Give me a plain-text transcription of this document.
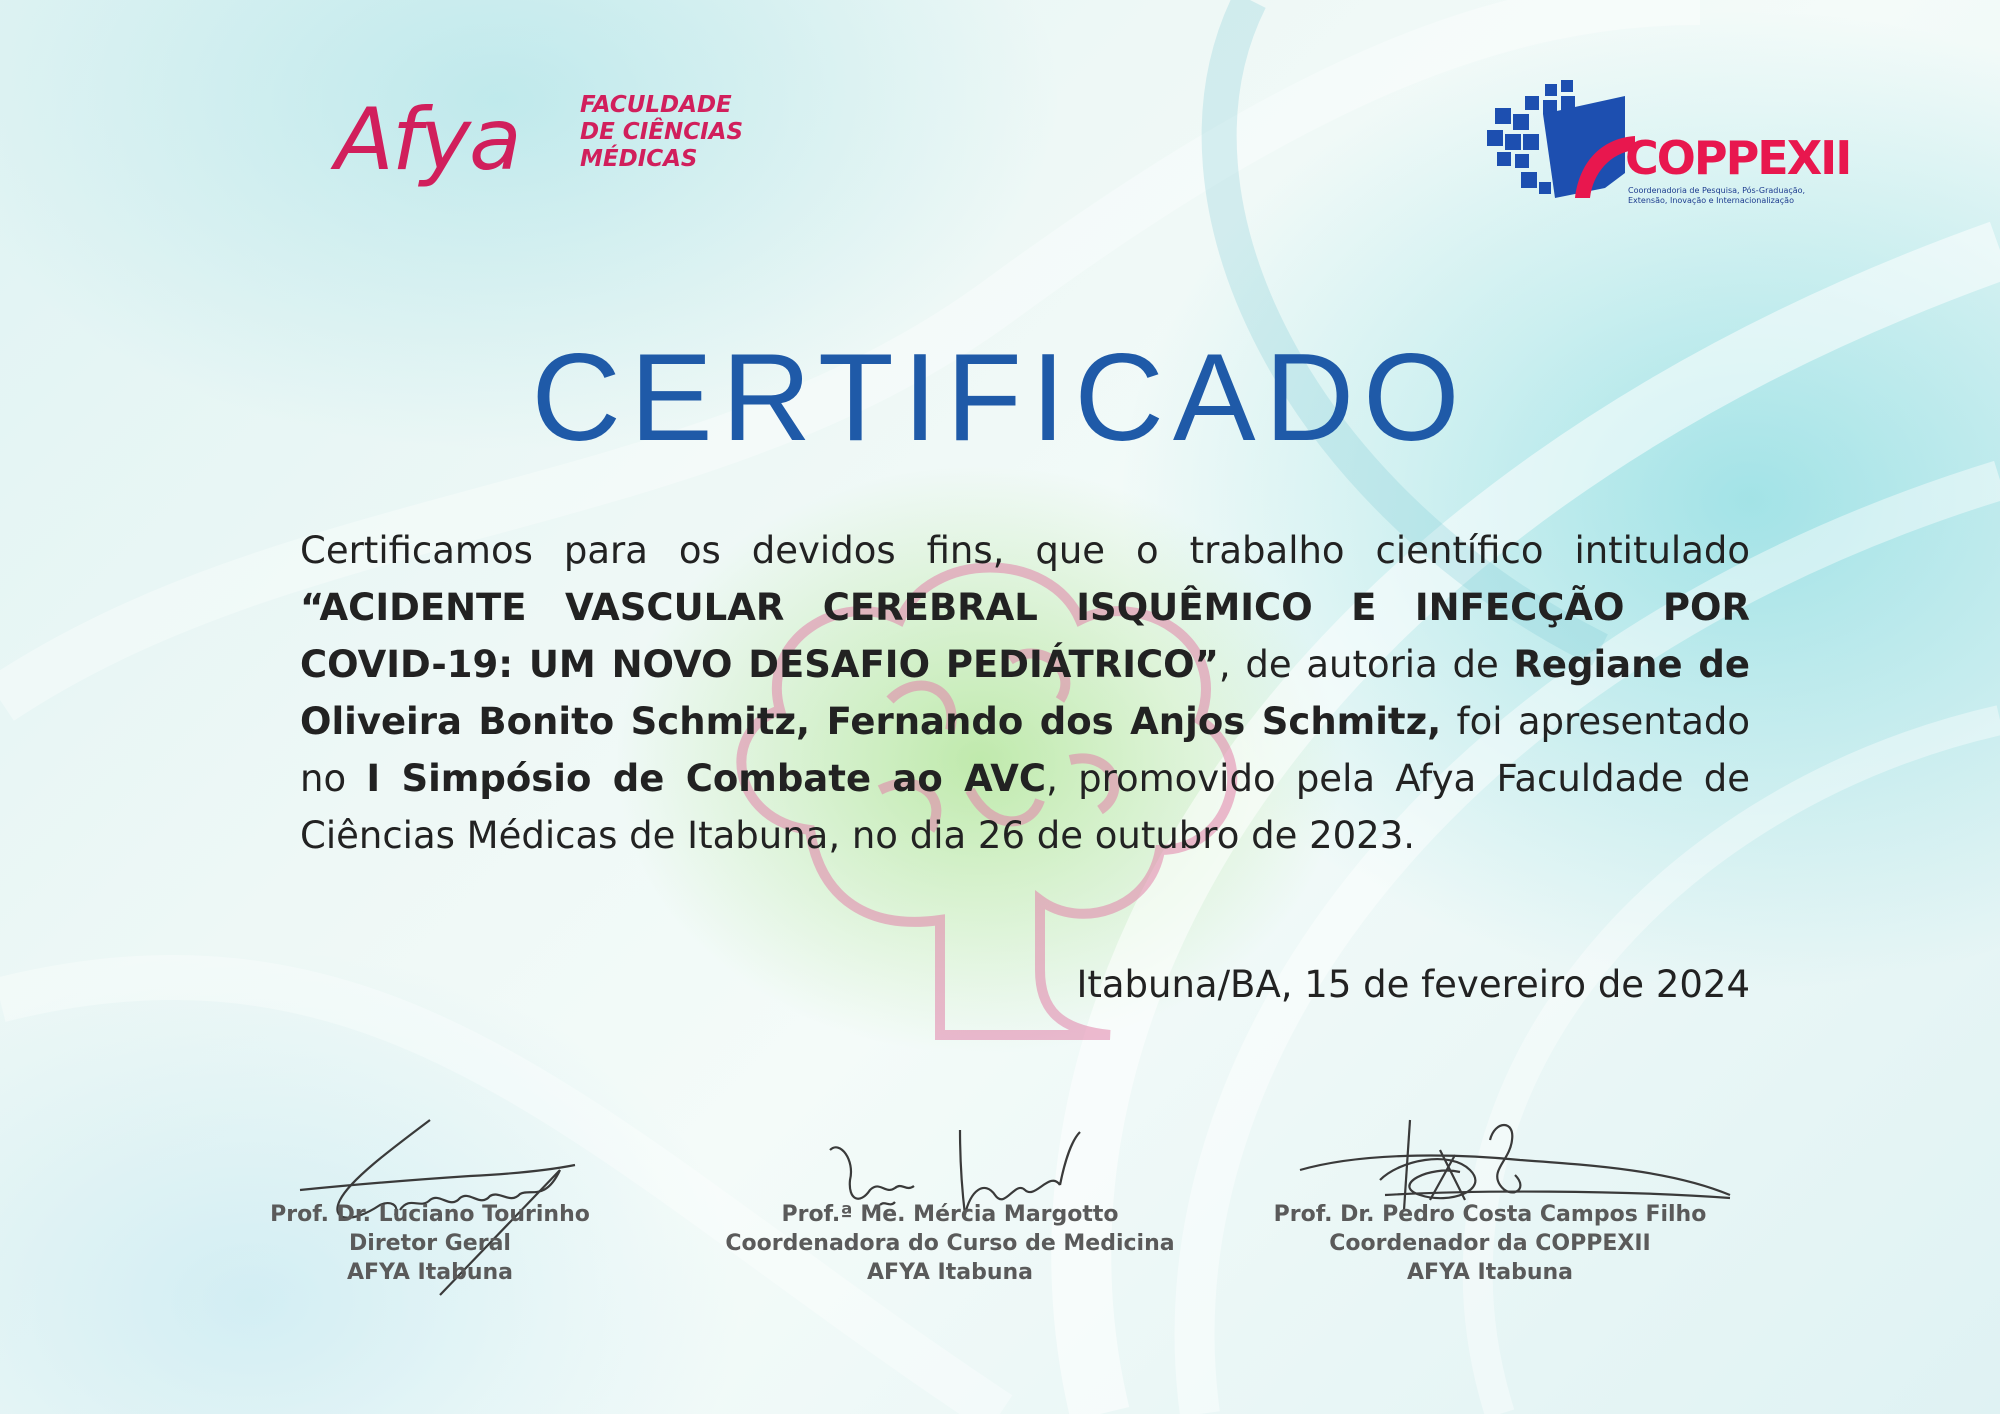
Afya	FACULDADE
DE CIÊNCIAS
MÉDICAS	COPPEXII
Coordenadoria de Pesquisa, Pós-Graduação, Extensão, Inovação e Internacionalização
CERTIFICADO
Certificamos para os devidos fins, que o trabalho científico intitulado “ACIDENTE VASCULAR CEREBRAL ISQUÊMICO E INFECÇÃO POR COVID-19: UM NOVO DESAFIO PEDIÁTRICO”, de autoria de Regiane de Oliveira Bonito Schmitz, Fernando dos Anjos Schmitz, foi apresentado no I Simpósio de Combate ao AVC, promovido pela Afya Faculdade de Ciências Médicas de Itabuna, no dia 26 de outubro de 2023.
Itabuna/BA, 15 de fevereiro de 2024
Prof. Dr. Luciano Tourinho
Diretor Geral
AFYA Itabuna
Prof.ª Me. Mércia Margotto
Coordenadora do Curso de Medicina
AFYA Itabuna
Prof. Dr. Pedro Costa Campos Filho
Coordenador da COPPEXII
AFYA Itabuna
